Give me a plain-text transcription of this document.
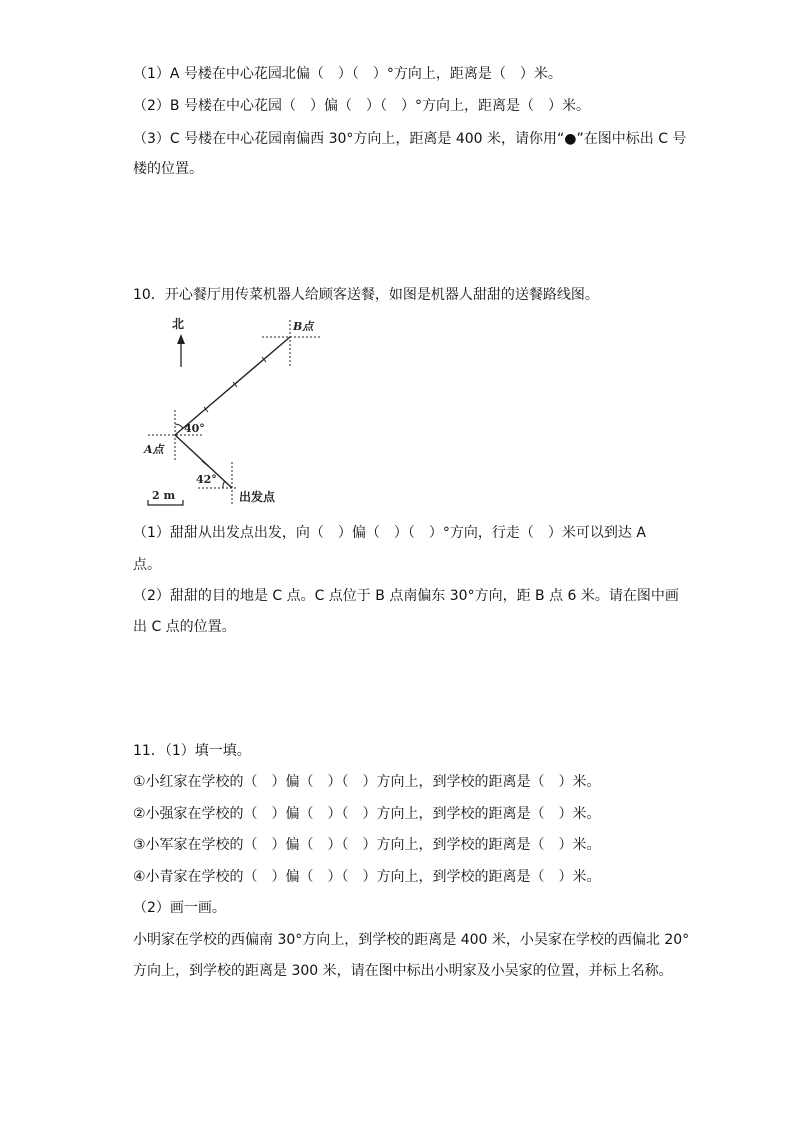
（1）A 号楼在中心花园北偏（　）（　）°方向上，距离是（　）米。
（2）B 号楼在中心花园（　）偏（　）（　）°方向上，距离是（　）米。
（3）C 号楼在中心花园南偏西 30°方向上，距离是 400 米，请你用“●”在图中标出 C 号
楼的位置。
10．开心餐厅用传菜机器人给顾客送餐，如图是机器人甜甜的送餐路线图。
北	B点
A点
出发点
40°
42°
2 m
（1）甜甜从出发点出发，向（　）偏（　）（　）°方向，行走（　）米可以到达 A
点。
（2）甜甜的目的地是 C 点。C 点位于 B 点南偏东 30°方向，距 B 点 6 米。请在图中画
出 C 点的位置。
11．（1）填一填。
①小红家在学校的（　）偏（　）（　）方向上，到学校的距离是（　）米。
②小强家在学校的（　）偏（　）（　）方向上，到学校的距离是（　）米。
③小军家在学校的（　）偏（　）（　）方向上，到学校的距离是（　）米。
④小青家在学校的（　）偏（　）（　）方向上，到学校的距离是（　）米。
（2）画一画。
小明家在学校的西偏南 30°方向上，到学校的距离是 400 米，小吴家在学校的西偏北 20°
方向上，到学校的距离是 300 米，请在图中标出小明家及小吴家的位置，并标上名称。
